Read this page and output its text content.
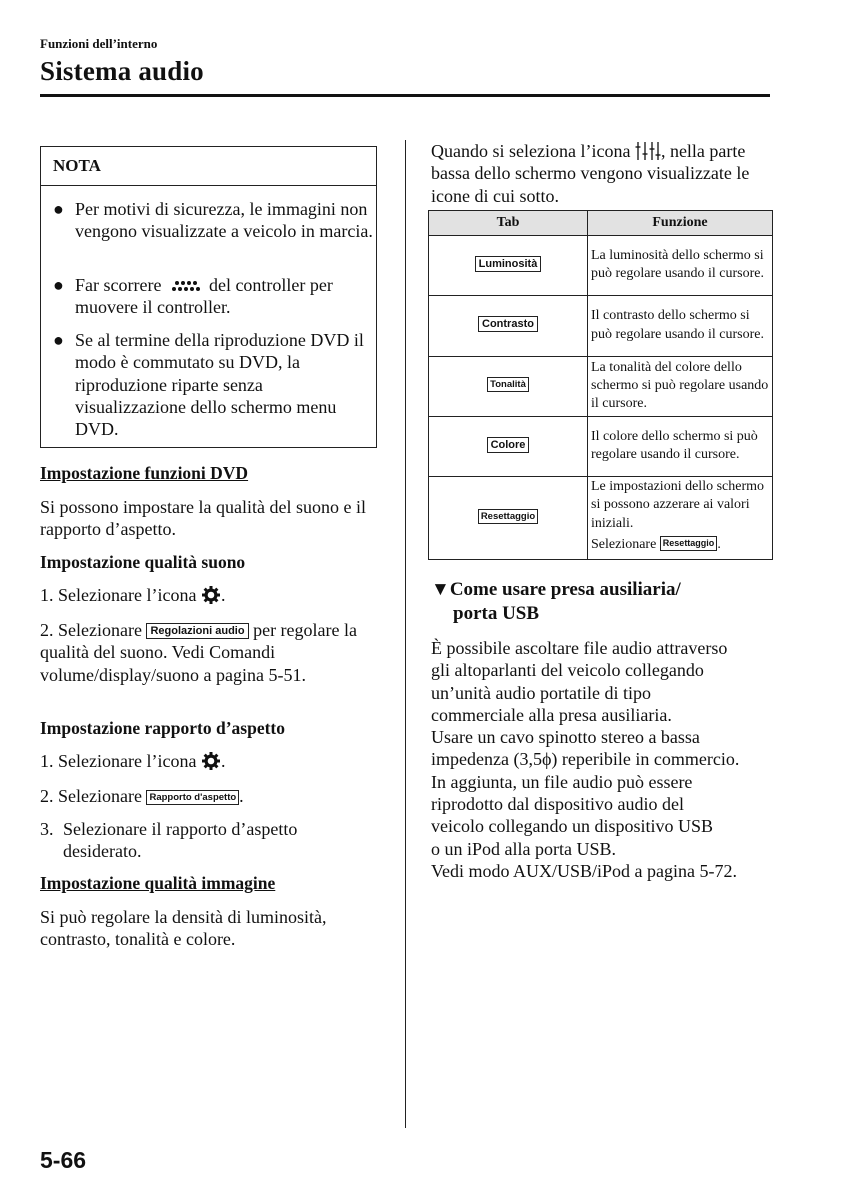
Funzioni dell’interno
Sistema audio
NOTA
● Per motivi di sicurezza, le immagini non vengono visualizzate a veicolo in marcia.
● Far scorrere	del controller per muovere il controller.
● Se al termine della riproduzione DVD il modo è commutato su DVD, la riproduzione riparte senza visualizzazione dello schermo menu DVD.
Impostazione funzioni DVD
Si possono impostare la qualità del suono e il rapporto d’aspetto.
Impostazione qualità suono
1. Selezionare l’icona .
2. Selezionare Regolazioni audio per regolare la qualità del suono. Vedi Comandi volume/display/suono a pagina 5-51.
Impostazione rapporto d’aspetto
1. Selezionare l’icona .
2. Selezionare Rapporto d'aspetto .
3. Selezionare il rapporto d’aspetto desiderato.
Impostazione qualità immagine
Si può regolare la densità di luminosità, contrasto, tonalità e colore.
Quando si seleziona l’icona , nella parte bassa dello schermo vengono visualizzate le icone di cui sotto.
Tab	Funzione
Luminosità	La luminosità dello schermo si può regolare usando il cursore.
Contrasto	Il contrasto dello schermo si può regolare usando il cursore.
Tonalità	La tonalità del colore dello schermo si può regolare usando il cursore.
Colore	Il colore dello schermo si può regolare usando il cursore.
Resettaggio	Le impostazioni dello schermo si possono azzerare ai valori iniziali.
Selezionare Resettaggio .
▼Come usare presa ausiliaria/
porta USB
È possibile ascoltare file audio attraverso
gli altoparlanti del veicolo collegando
un’unità audio portatile di tipo
commerciale alla presa ausiliaria.
Usare un cavo spinotto stereo a bassa
impedenza (3,5ϕ) reperibile in commercio.
In aggiunta, un file audio può essere
riprodotto dal dispositivo audio del
veicolo collegando un dispositivo USB
o un iPod alla porta USB.
Vedi modo AUX/USB/iPod a pagina 5-72.
5-66
